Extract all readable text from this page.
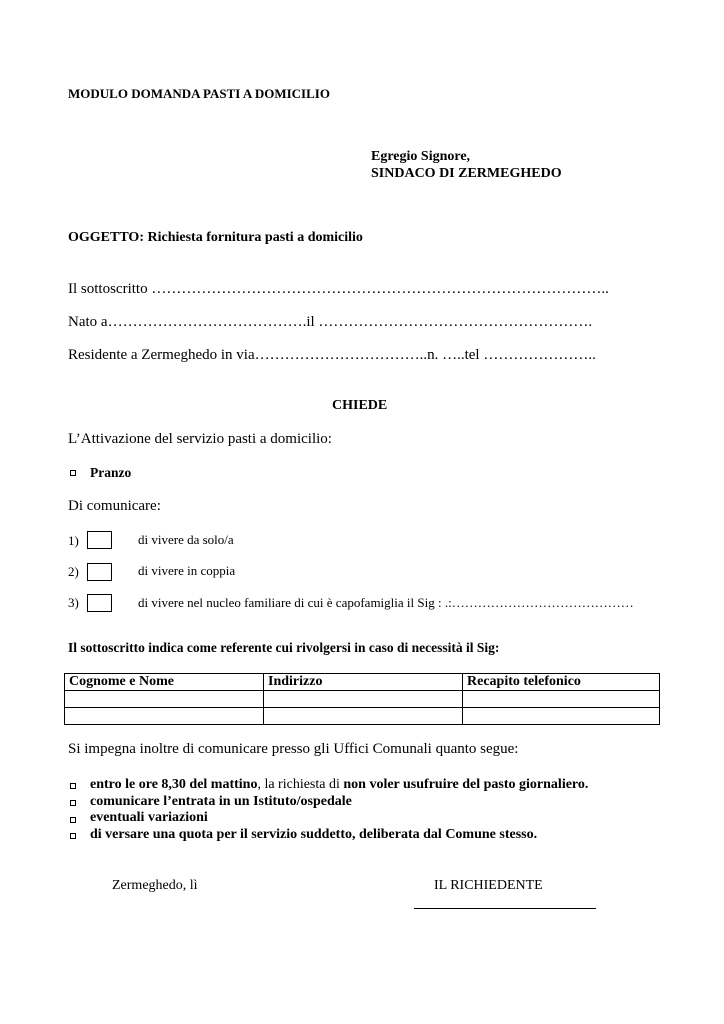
MODULO DOMANDA PASTI A DOMICILIO
Egregio Signore,
SINDACO DI ZERMEGHEDO
OGGETTO: Richiesta fornitura pasti a domicilio
Il sottoscritto ………………………………………………………………………………..
Nato a………………………………….il ……………………………………………….
Residente a Zermeghedo in via……………………………..n. …..tel …………………..
CHIEDE
L’Attivazione del servizio pasti a domicilio:
Pranzo
Di comunicare:
1)	di vivere da solo/a
2)	di vivere in coppia
3)	di vivere nel nucleo familiare di cui è capofamiglia il Sig : .:……………………………………
Il sottoscritto indica come referente cui rivolgersi in caso di necessità il Sig:
Cognome e Nome	Indirizzo	Recapito telefonico

Si impegna inoltre di comunicare presso gli Uffici Comunali quanto segue:
entro le ore 8,30 del mattino, la richiesta di non voler usufruire del pasto giornaliero.
comunicare l’entrata in un Istituto/ospedale
eventuali variazioni
di versare una quota per il servizio suddetto, deliberata dal Comune stesso.
Zermeghedo, lì	IL RICHIEDENTE
